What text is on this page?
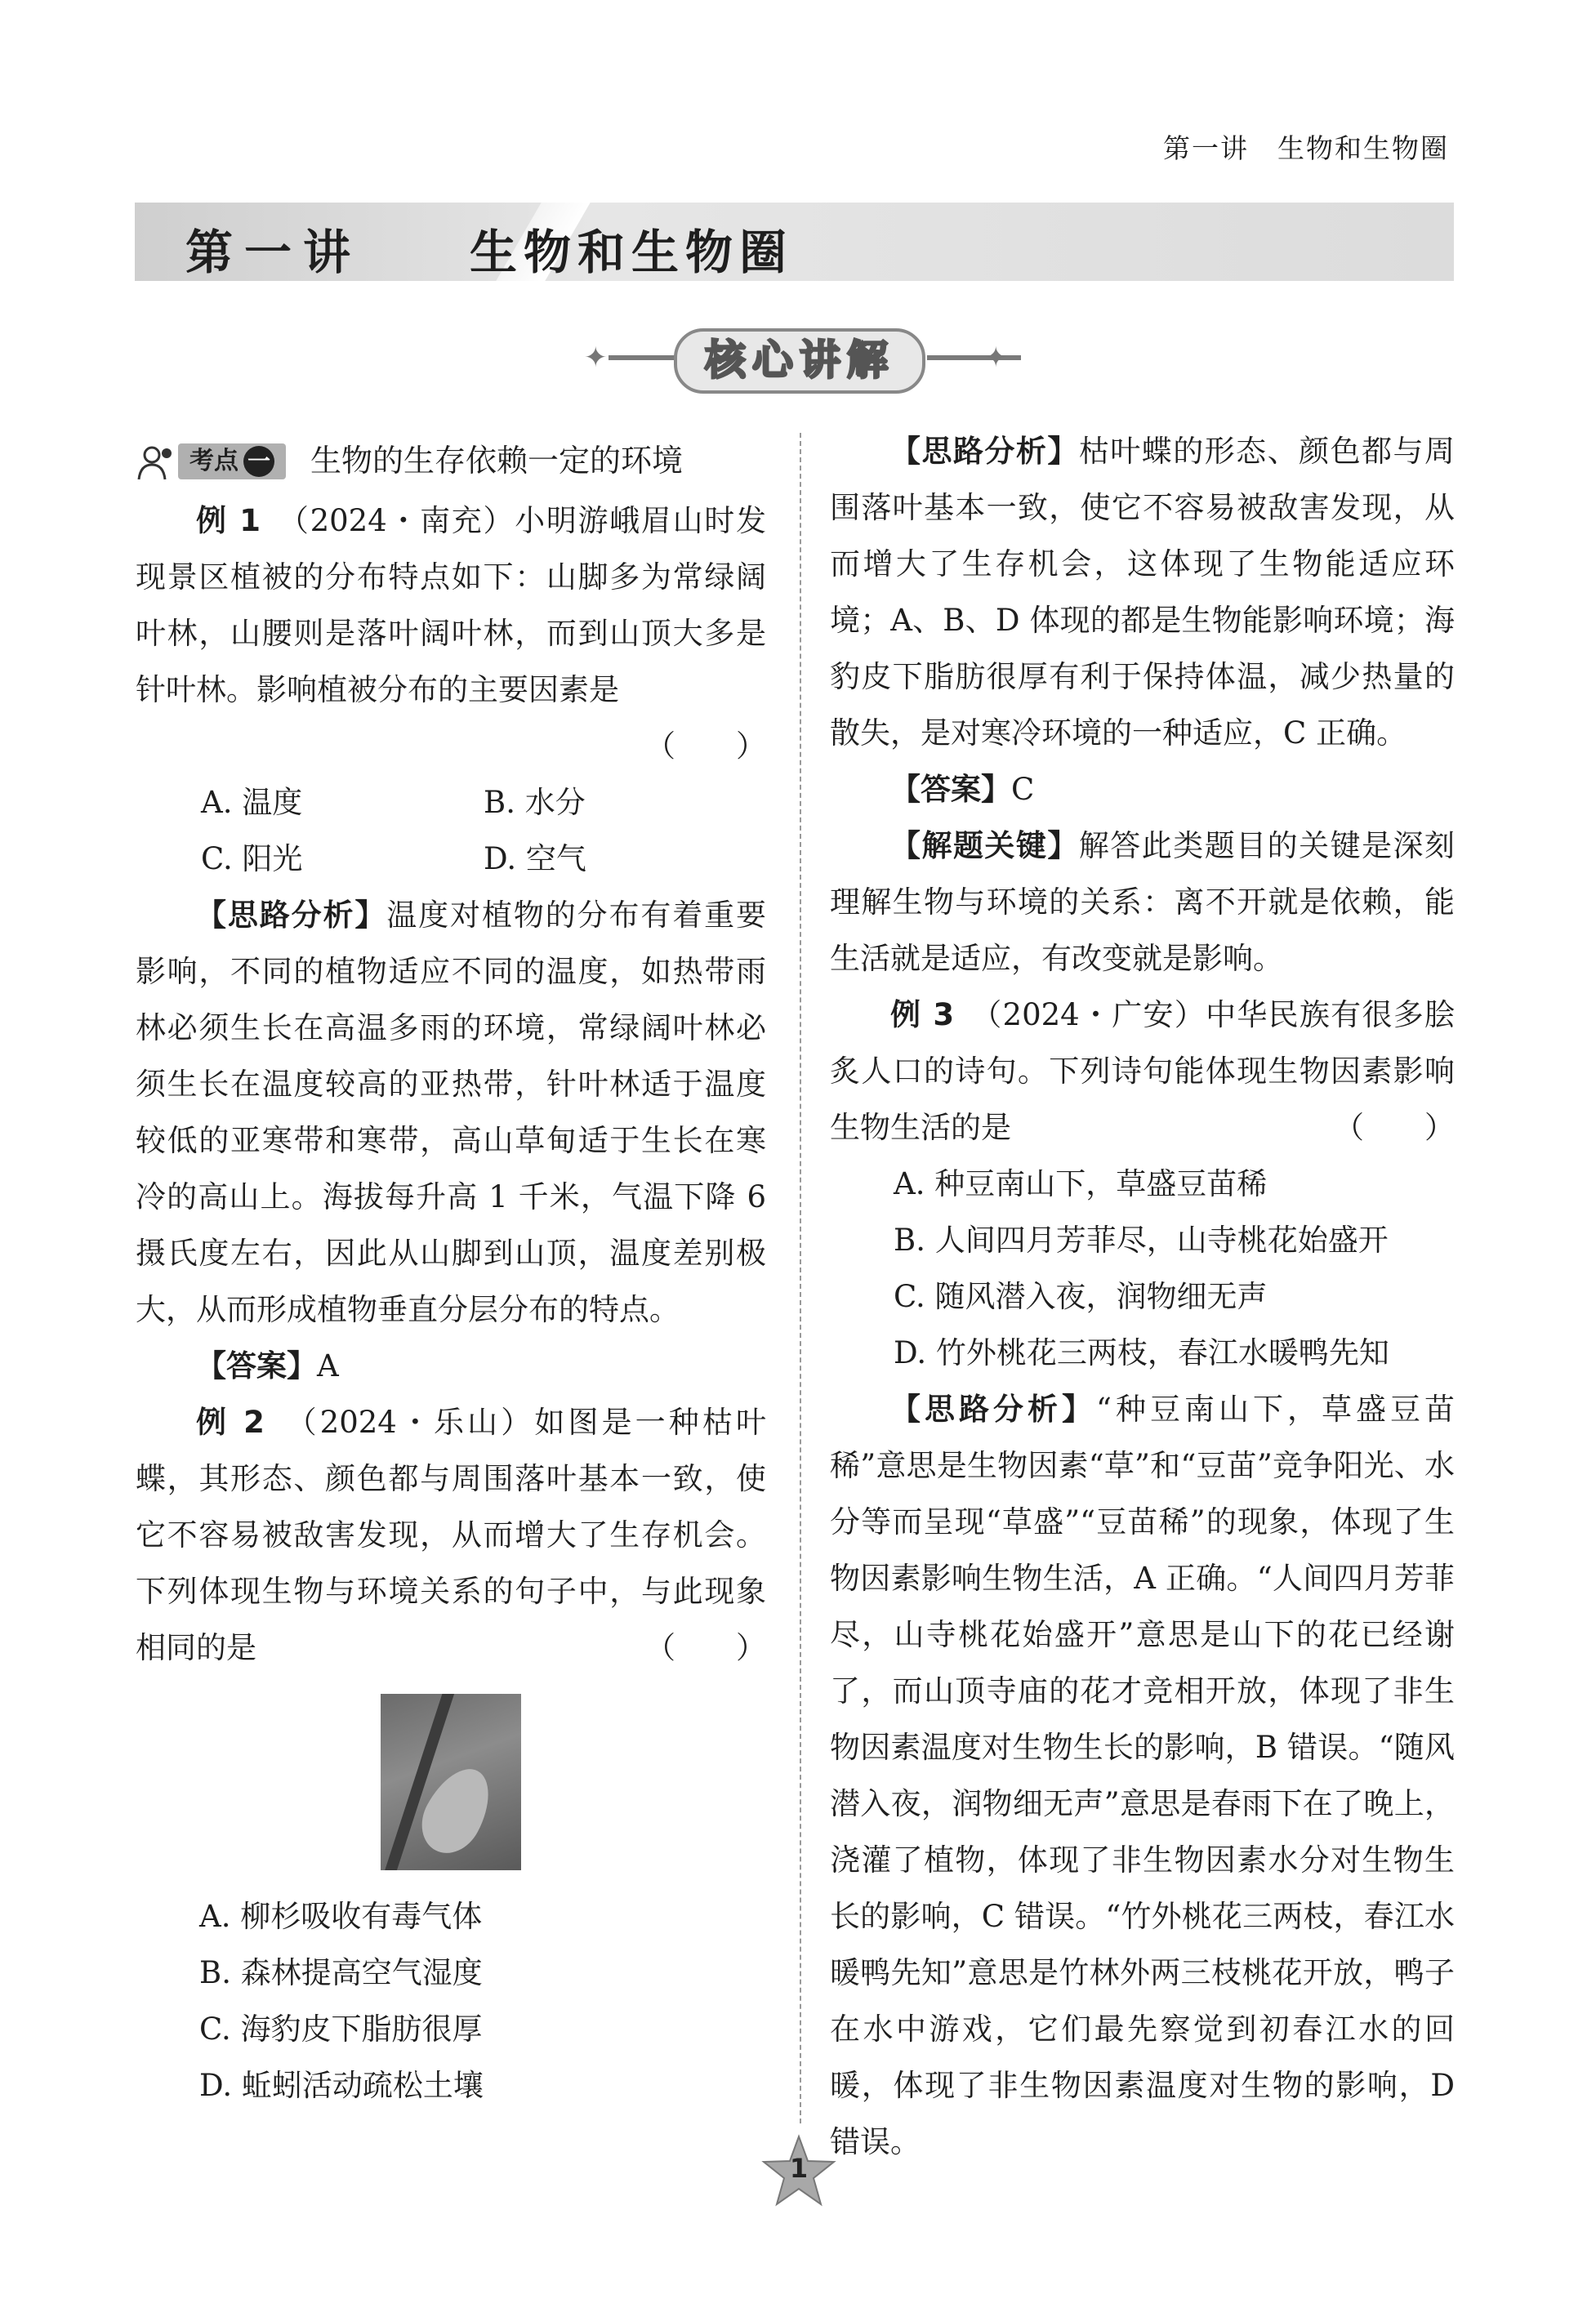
第一讲　生物和生物圈
第一讲 生物和生物圈
✦	核心讲解	✦
考点 一 生物的生存依赖一定的环境

例 1　 （2024・南充）小明游峨眉山时发现景区植被的分布特点如下：山脚多为常绿阔叶林，山腰则是落叶阔叶林，而到山顶大多是针叶林。影响植被分布的主要因素是

（　　）

A. 温度	B. 水分
C. 阳光	D. 空气

【思路分析】温度对植物的分布有着重要影响，不同的植物适应不同的温度，如热带雨林必须生长在高温多雨的环境，常绿阔叶林必须生长在温度较高的亚热带，针叶林适于温度较低的亚寒带和寒带，高山草甸适于生长在寒冷的高山上。海拔每升高 1 千米，气温下降 6 摄氏度左右，因此从山脚到山顶，温度差别极大，从而形成植物垂直分层分布的特点。

【答案】A

例 2　 （2024・乐山）如图是一种枯叶蝶，其形态、颜色都与周围落叶基本一致，使它不容易被敌害发现，从而增大了生存机会。下列体现生物与环境关系的句子中，与此现象相同的是	（　　）

A. 柳杉吸收有毒气体
B. 森林提高空气湿度
C. 海豹皮下脂肪很厚
D. 蚯蚓活动疏松土壤

【思路分析】枯叶蝶的形态、颜色都与周围落叶基本一致，使它不容易被敌害发现，从而增大了生存机会，这体现了生物能适应环境；A、B、D 体现的都是生物能影响环境；海豹皮下脂肪很厚有利于保持体温，减少热量的散失，是对寒冷环境的一种适应，C 正确。

【答案】C

【解题关键】解答此类题目的关键是深刻理解生物与环境的关系：离不开就是依赖，能生活就是适应，有改变就是影响。

例 3　 （2024・广安）中华民族有很多脍炙人口的诗句。下列诗句能体现生物因素影响生物生活的是	（　　）

A. 种豆南山下，草盛豆苗稀
B. 人间四月芳菲尽，山寺桃花始盛开
C. 随风潜入夜，润物细无声
D. 竹外桃花三两枝，春江水暖鸭先知

【思路分析】“种豆南山下，草盛豆苗稀”意思是生物因素“草”和“豆苗”竞争阳光、水分等而呈现“草盛”“豆苗稀”的现象，体现了生物因素影响生物生活，A 正确。“人间四月芳菲尽，山寺桃花始盛开”意思是山下的花已经谢了，而山顶寺庙的花才竞相开放，体现了非生物因素温度对生物生长的影响，B 错误。“随风潜入夜，润物细无声”意思是春雨下在了晚上，浇灌了植物，体现了非生物因素水分对生物生长的影响，C 错误。“竹外桃花三两枝，春江水暖鸭先知”意思是竹林外两三枝桃花开放，鸭子在水中游戏，它们最先察觉到初春江水的回暖，体现了非生物因素温度对生物的影响，D 错误。

1
